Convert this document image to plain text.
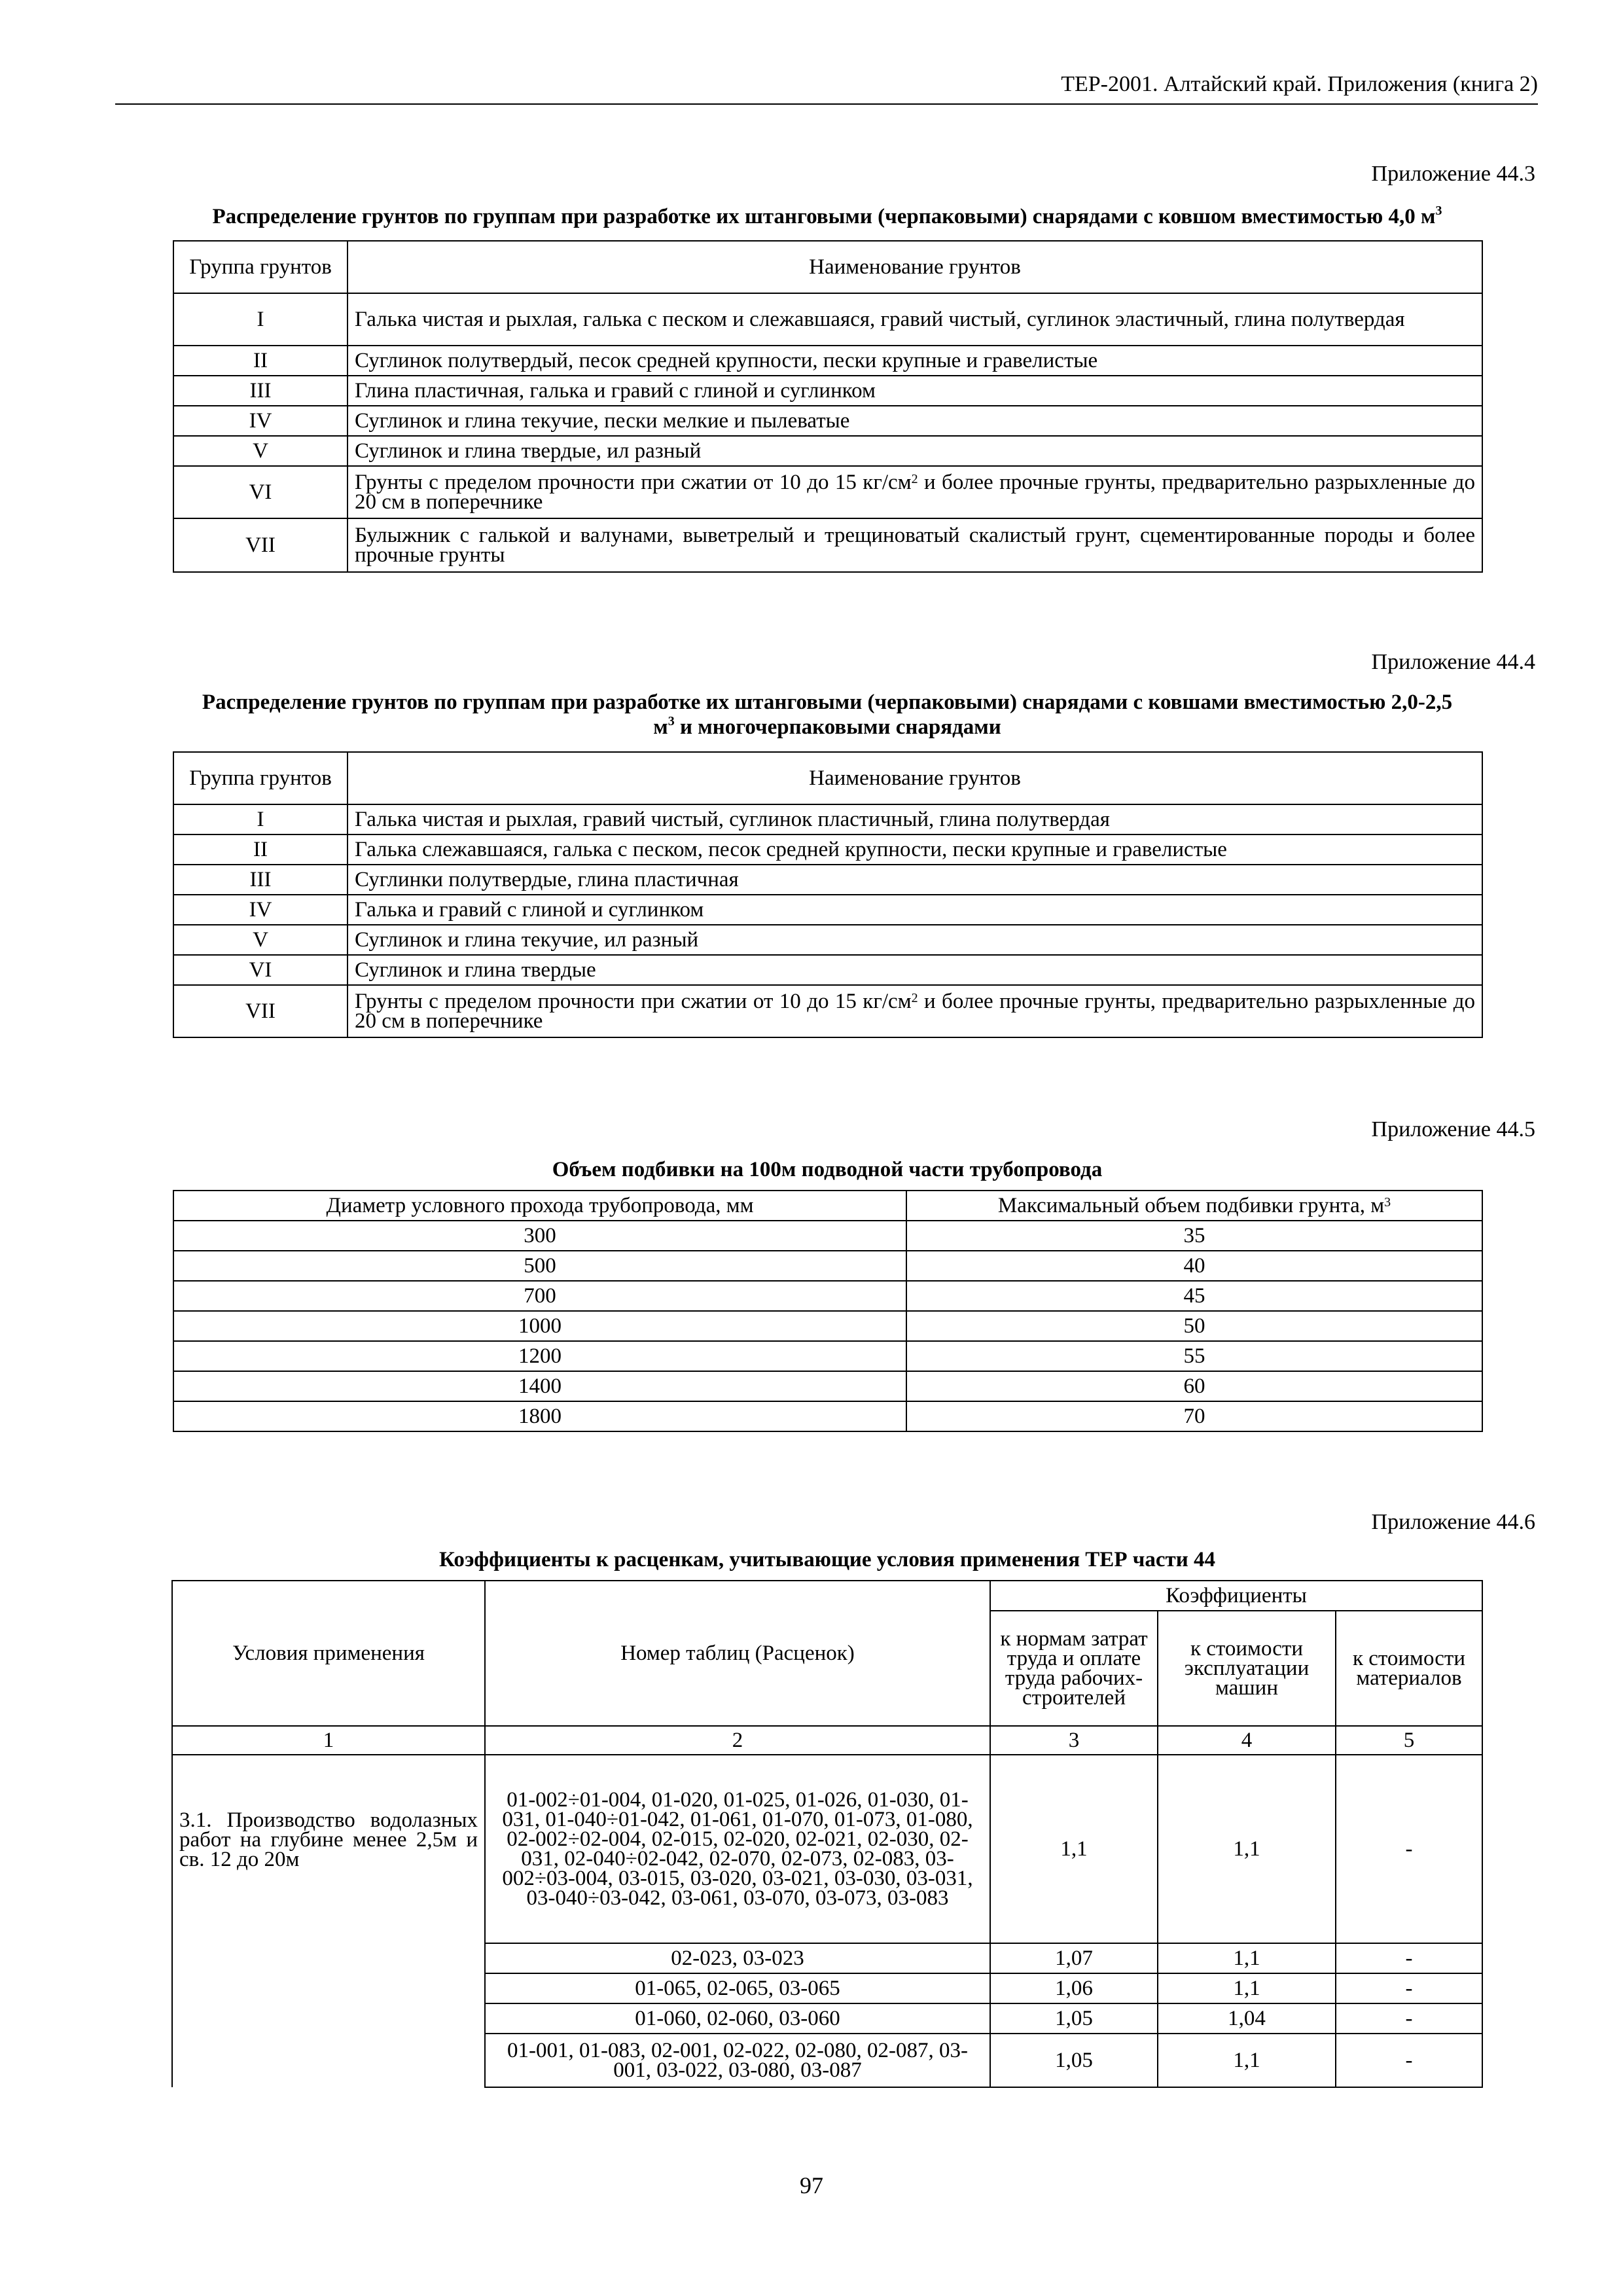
ТЕР-2001. Алтайский край. Приложения (книга 2)
Приложение 44.3
Распределение грунтов по группам при разработке их штанговыми (черпаковыми) снарядами с ковшом вместимостью 4,0 $м^3$
Группа грунтов	Наименование грунтов
I	Галька чистая и рыхлая, галька с песком и слежавшаяся, гравий чистый, суглинок эластичный, глина полутвердая
II	Суглинок полутвердый, песок средней крупности, пески крупные и гравелистые
III	Глина пластичная, галька и гравий с глиной и суглинком
IV	Суглинок и глина текучие, пески мелкие и пылеватые
V	Суглинок и глина твердые, ил разный
VI	Грунты с пределом прочности при сжатии от 10 до 15 $кг/см^2$ и более прочные грунты, предварительно разрыхленные до 20 см в поперечнике
VII	Булыжник с галькой и валунами, выветрелый и трещиноватый скалистый грунт, сцементированные породы и более прочные грунты
Приложение 44.4
Распределение грунтов по группам при разработке их штанговыми (черпаковыми) снарядами с ковшами вместимостью 2,0-2,5
$м^3$ и многочерпаковыми снарядами
Группа грунтов	Наименование грунтов
I	Галька чистая и рыхлая, гравий чистый, суглинок пластичный, глина полутвердая
II	Галька слежавшаяся, галька с песком, песок средней крупности, пески крупные и гравелистые
III	Суглинки полутвердые, глина пластичная
IV	Галька и гравий с глиной и суглинком
V	Суглинок и глина текучие, ил разный
VI	Суглинок и глина твердые
VII	Грунты с пределом прочности при сжатии от 10 до 15 $кг/см^2$ и более прочные грунты, предварительно разрыхленные до 20 см в поперечнике
Приложение 44.5
Объем подбивки на 100м подводной части трубопровода
Диаметр условного прохода трубопровода, мм	Максимальный объем подбивки грунта, $м^3$
300	35
500	40
700	45
1000	50
1200	55
1400	60
1800	70
Приложение 44.6
Коэффициенты к расценкам, учитывающие условия применения ТЕР части 44
Условия применения	Номер таблиц (Расценок)	Коэффициенты		
		к нормам затрат труда и оплате труда рабочих-строителей	к стоимости эксплуатации машин	к стоимости материалов
1	2	3	4	5
3.1. Производство водолазных работ на глубине менее 2,5м и св. 12 до 20м	01-002÷01-004, 01-020, 01-025, 01-026, 01-030, 01-031, 01-040÷01-042, 01-061, 01-070, 01-073, 01-080, 02-002÷02-004, 02-015, 02-020, 02-021, 02-030, 02-031, 02-040÷02-042, 02-070, 02-073, 02-083, 03-002÷03-004, 03-015, 03-020, 03-021, 03-030, 03-031, 03-040÷03-042, 03-061, 03-070, 03-073, 03-083	1,1	1,1	-
	02-023, 03-023	1,07	1,1	-
	01-065, 02-065, 03-065	1,06	1,1	-
	01-060, 02-060, 03-060	1,05	1,04	-
	01-001, 01-083, 02-001, 02-022, 02-080, 02-087, 03-001, 03-022, 03-080, 03-087	1,05	1,1	-
97
